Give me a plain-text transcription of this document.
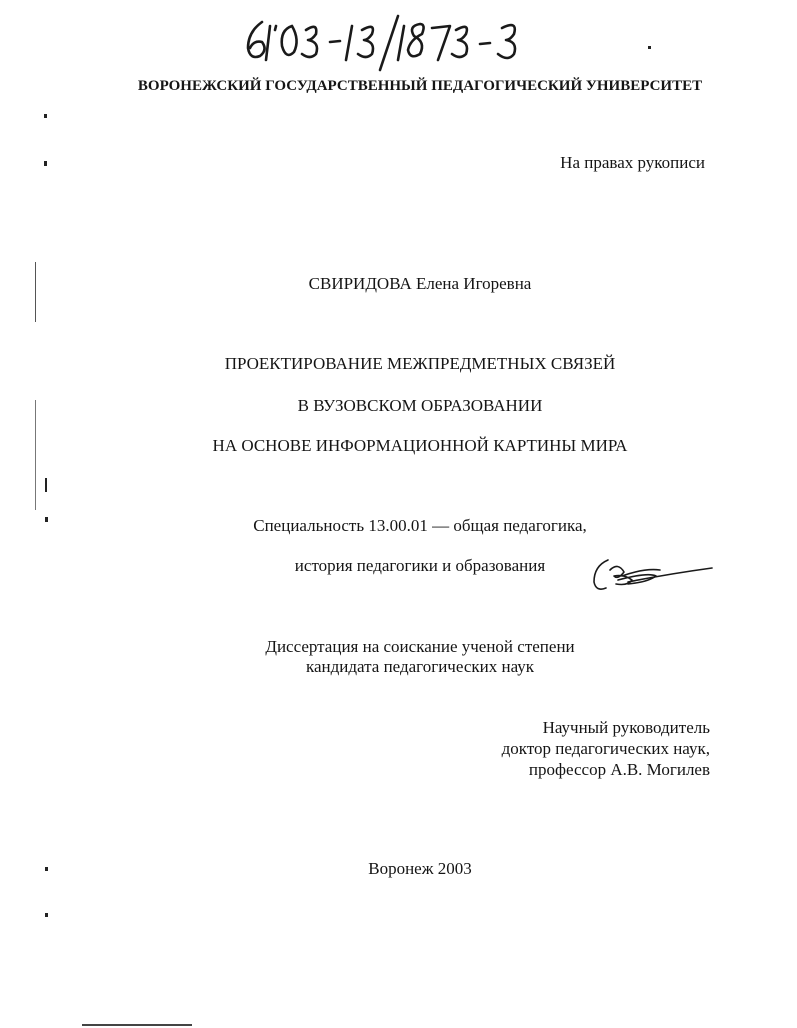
ВОРОНЕЖСКИЙ ГОСУДАРСТВЕННЫЙ ПЕДАГОГИЧЕСКИЙ УНИВЕРСИТЕТ
На правах рукописи
СВИРИДОВА Елена Игоревна
ПРОЕКТИРОВАНИЕ МЕЖПРЕДМЕТНЫХ СВЯЗЕЙ
В ВУЗОВСКОМ ОБРАЗОВАНИИ
НА ОСНОВЕ ИНФОРМАЦИОННОЙ КАРТИНЫ МИРА
Специальность 13.00.01 — общая педагогика,
история педагогики и образования
Диссертация на соискание ученой степени
кандидата педагогических наук
Научный руководитель
доктор педагогических наук,
профессор А.В. Могилев
Воронеж 2003
